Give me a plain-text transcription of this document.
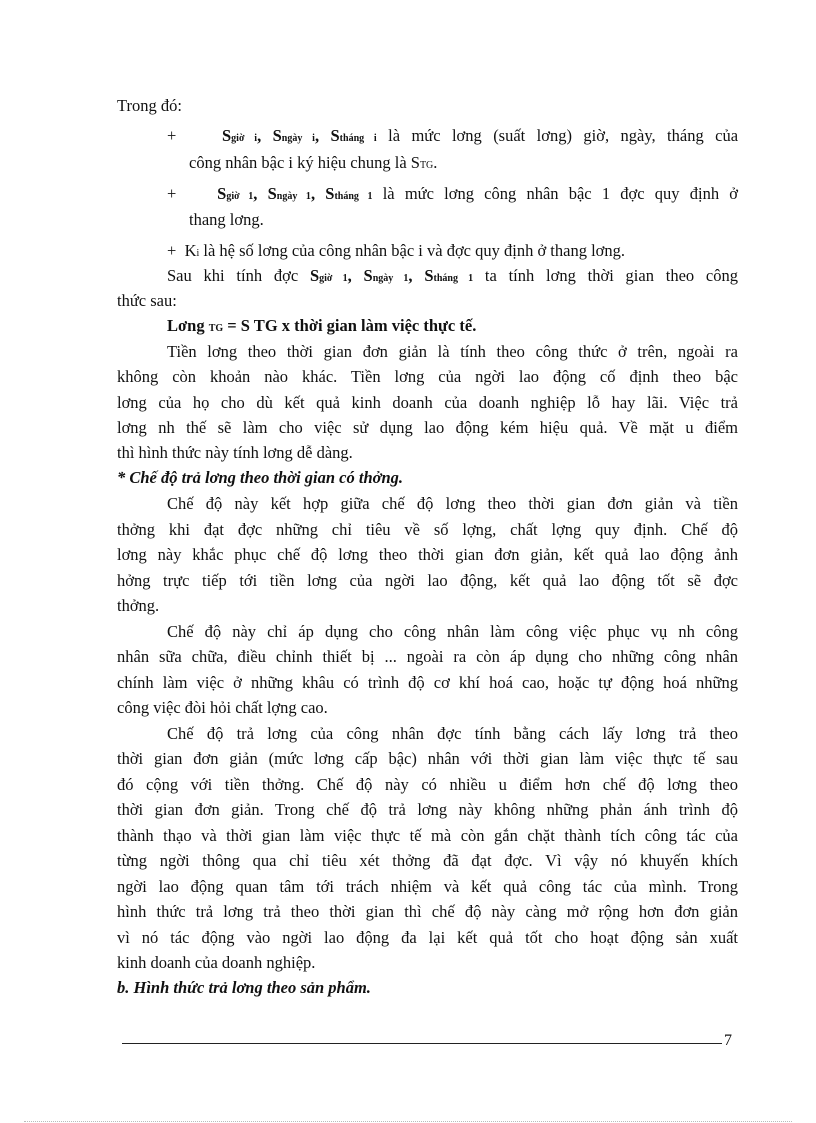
Trong đó:
+	Sgiờ i, Sngày i, Stháng i là mức lơng (suất lơng) giờ, ngày, tháng của
công nhân bậc i ký hiệu chung là STG.
+ Sgiờ 1, Sngày 1, Stháng 1 là mức lơng công nhân bậc 1 đợc quy định ở
thang lơng.
+ Ki là hệ số lơng của công nhân bậc i và đợc quy định ở thang lơng.
Sau khi tính đợc Sgiờ 1, Sngày 1, Stháng 1 ta tính lơng thời gian theo công
thức sau:
Lơng TG = S TG x thời gian làm việc thực tế.
Tiền lơng theo thời gian đơn giản là tính theo công thức ở trên, ngoài ra
không còn khoản nào khác. Tiền lơng của ngời lao động cố định theo bậc
lơng của họ cho dù kết quả kinh doanh của doanh nghiệp lỗ hay lãi. Việc trả
lơng nh thế sẽ làm cho việc sử dụng lao động kém hiệu quả. Về mặt u điểm
thì hình thức này tính lơng dễ dàng.
* Chế độ trả lơng theo thời gian có thởng.
Chế độ này kết hợp giữa chế độ lơng theo thời gian đơn giản và tiền
thởng khi đạt đợc những chỉ tiêu về số lợng, chất lợng quy định. Chế độ
lơng này khắc phục chế độ lơng theo thời gian đơn giản, kết quả lao động ảnh
hởng trực tiếp tới tiền lơng của ngời lao động, kết quả lao động tốt sẽ đợc
thởng.
Chế độ này chỉ áp dụng cho công nhân làm công việc phục vụ nh công
nhân sữa chữa, điều chỉnh thiết bị ... ngoài ra còn áp dụng cho những công nhân
chính làm việc ở những khâu có trình độ cơ khí hoá cao, hoặc tự động hoá những
công việc đòi hỏi chất lợng cao.
Chế độ trả lơng của công nhân đợc tính bằng cách lấy lơng trả theo
thời gian đơn giản (mức lơng cấp bậc) nhân với thời gian làm việc thực tế sau
đó cộng với tiền thởng. Chế độ này có nhiều u điểm hơn chế độ lơng theo
thời gian đơn giản. Trong chế độ trả lơng này không những phản ánh trình độ
thành thạo và thời gian làm việc thực tế mà còn gắn chặt thành tích công tác của
từng ngời thông qua chỉ tiêu xét thởng đã đạt đợc. Vì vậy nó khuyến khích
ngời lao động quan tâm tới trách nhiệm và kết quả công tác của mình. Trong
hình thức trả lơng trả theo thời gian thì chế độ này càng mở rộng hơn đơn giản
vì nó tác động vào ngời lao động đa lại kết quả tốt cho hoạt động sản xuất
kinh doanh của doanh nghiệp.
b. Hình thức trả lơng theo sản phẩm.
7
